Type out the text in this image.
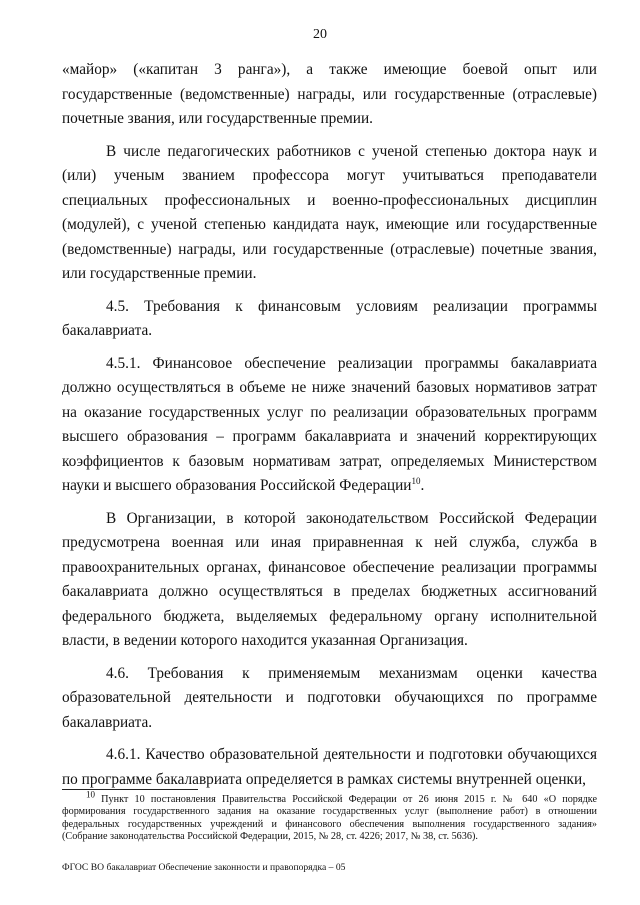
20

«майор» («капитан 3 ранга»), а также имеющие боевой опыт или государственные (ведомственные) награды, или государственные (отраслевые) почетные звания, или государственные премии.

В числе педагогических работников с ученой степенью доктора наук и (или) ученым званием профессора могут учитываться преподаватели специальных профессиональных и военно-профессиональных дисциплин (модулей), с ученой степенью кандидата наук, имеющие или государственные (ведомственные) награды, или государственные (отраслевые) почетные звания, или государственные премии.

4.5. Требования к финансовым условиям реализации программы бакалавриата.

4.5.1. Финансовое обеспечение реализации программы бакалавриата должно осуществляться в объеме не ниже значений базовых нормативов затрат на оказание государственных услуг по реализации образовательных программ высшего образования – программ бакалавриата и значений корректирующих коэффициентов к базовым нормативам затрат, определяемых Министерством науки и высшего образования Российской Федерации$^{10}$.

В Организации, в которой законодательством Российской Федерации предусмотрена военная или иная приравненная к ней служба, служба в правоохранительных органах, финансовое обеспечение реализации программы бакалавриата должно осуществляться в пределах бюджетных ассигнований федерального бюджета, выделяемых федеральному органу исполнительной власти, в ведении которого находится указанная Организация.

4.6. Требования к применяемым механизмам оценки качества образовательной деятельности и подготовки обучающихся по программе бакалавриата.

4.6.1. Качество образовательной деятельности и подготовки обучающихся по программе бакалавриата определяется в рамках системы внутренней оценки,

$^{10}$ Пункт 10 постановления Правительства Российской Федерации от 26 июня 2015 г. № 640 «О порядке формирования государственного задания на оказание государственных услуг (выполнение работ) в отношении федеральных государственных учреждений и финансового обеспечения выполнения государственного задания» (Собрание законодательства Российской Федерации, 2015, № 28, ст. 4226; 2017, № 38, ст. 5636).

ФГОС ВО бакалавриат Обеспечение законности и правопорядка – 05
